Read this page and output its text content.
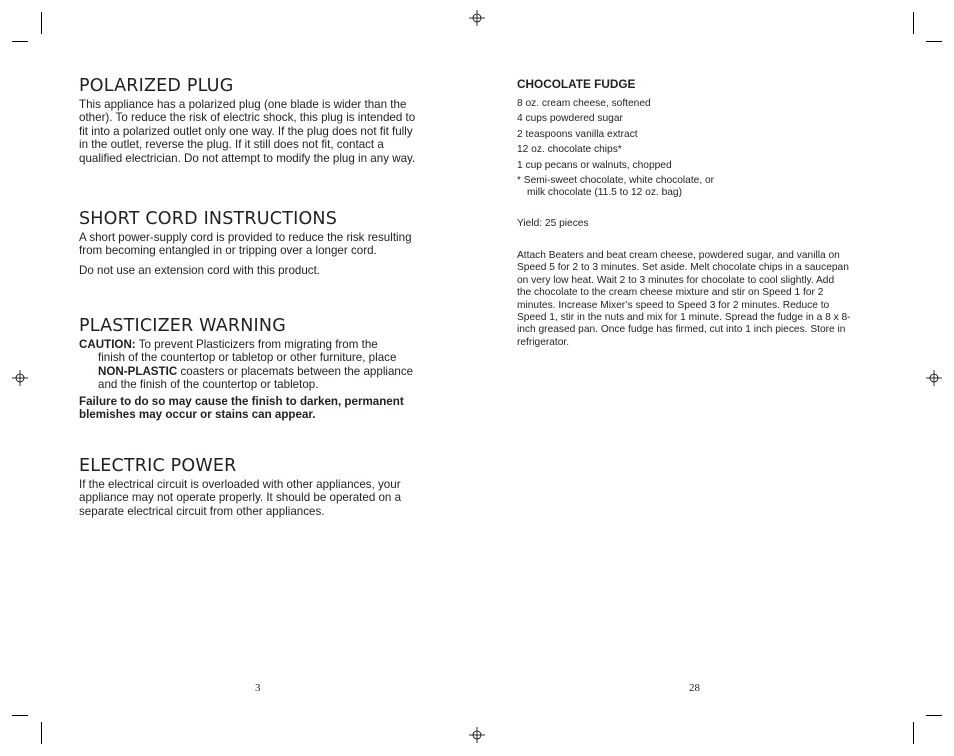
POLARIZED PLUG
This appliance has a polarized plug (one blade is wider than the
other). To reduce the risk of electric shock, this plug is intended to
fit into a polarized outlet only one way. If the plug does not fit fully
in the outlet, reverse the plug. If it still does not fit, contact a
qualified electrician. Do not attempt to modify the plug in any way.
SHORT CORD INSTRUCTIONS
A short power-supply cord is provided to reduce the risk resulting
from becoming entangled in or tripping over a longer cord.
Do not use an extension cord with this product.
PLASTICIZER WARNING
CAUTION: To prevent Plasticizers from migrating from the
finish of the countertop or tabletop or other furniture, place
NON-PLASTIC coasters or placemats between the appliance
and the finish of the countertop or tabletop.
Failure to do so may cause the finish to darken, permanent
blemishes may occur or stains can appear.
ELECTRIC POWER
If the electrical circuit is overloaded with other appliances, your
appliance may not operate properly. It should be operated on a
separate electrical circuit from other appliances.
3
CHOCOLATE FUDGE
8 oz. cream cheese, softened
4 cups powdered sugar
2 teaspoons vanilla extract
12 oz. chocolate chips*
1 cup pecans or walnuts, chopped
* Semi-sweet chocolate, white chocolate, or
milk chocolate (11.5 to 12 oz. bag)
Yield: 25 pieces
Attach Beaters and beat cream cheese, powdered sugar, and vanilla on
Speed 5 for 2 to 3 minutes. Set aside. Melt chocolate chips in a saucepan
on very low heat. Wait 2 to 3 minutes for chocolate to cool slightly. Add
the chocolate to the cream cheese mixture and stir on Speed 1 for 2
minutes. Increase Mixer’s speed to Speed 3 for 2 minutes. Reduce to
Speed 1, stir in the nuts and mix for 1 minute. Spread the fudge in a 8 x 8-
inch greased pan. Once fudge has firmed, cut into 1 inch pieces. Store in
refrigerator.
28
